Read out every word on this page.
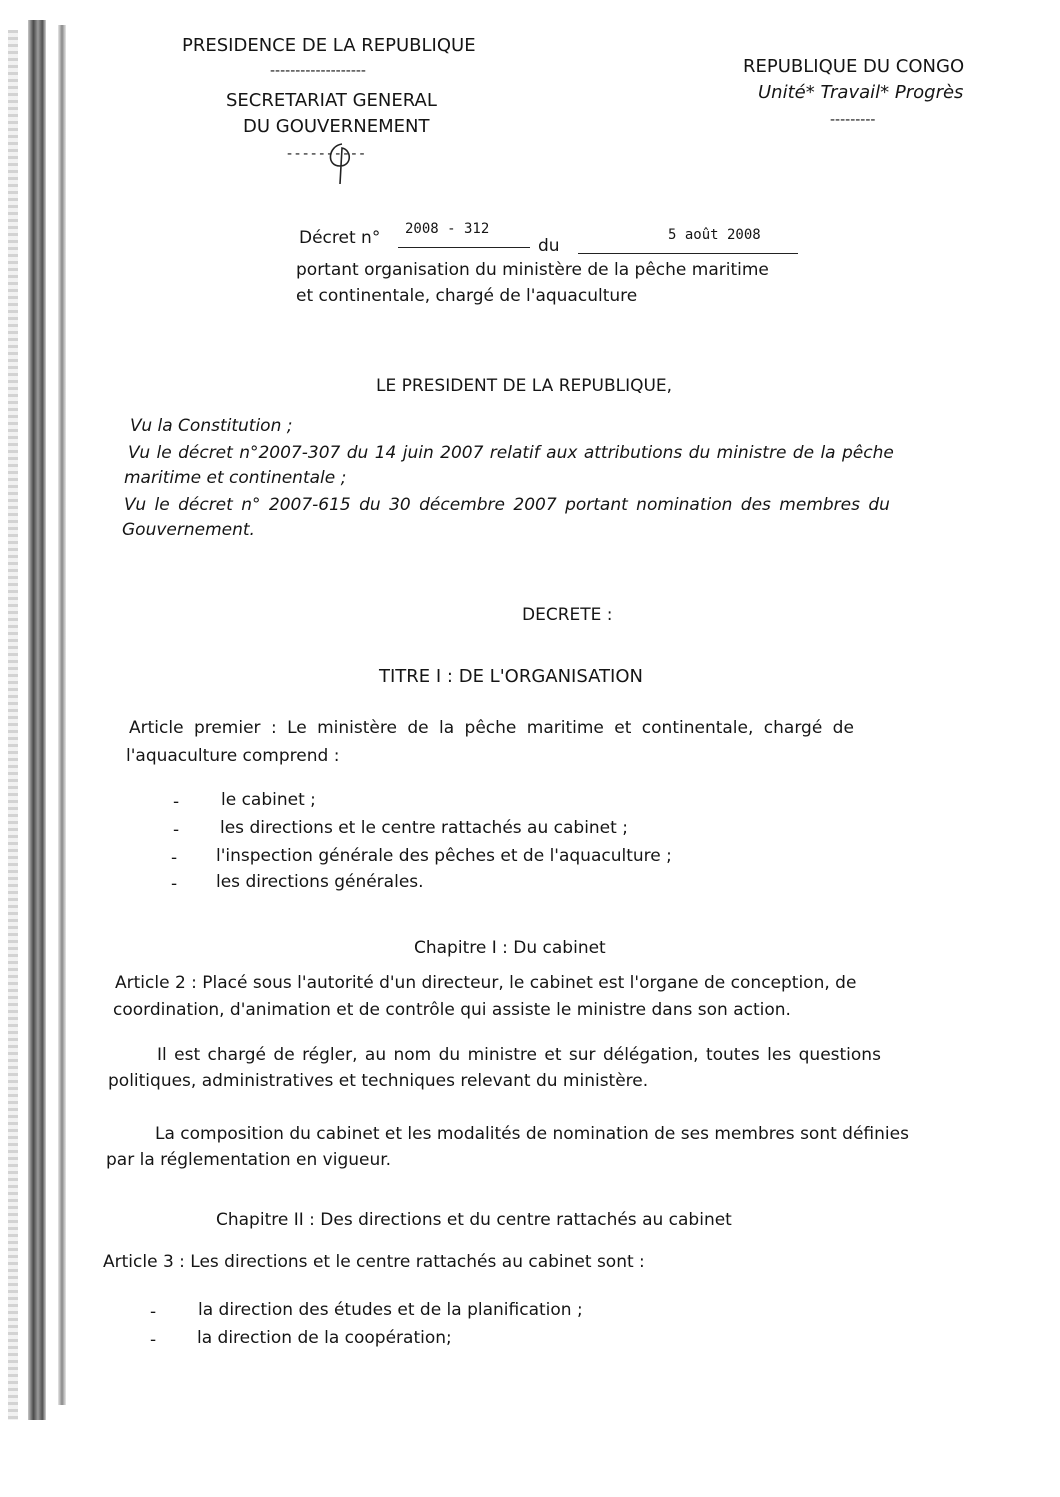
PRESIDENCE DE LA REPUBLIQUE
-------------------
SECRETARIAT GENERAL
DU GOUVERNEMENT
----------
REPUBLIQUE DU CONGO
Unité* Travail* Progrès
---------
Décret n° 2008 - 312
du
5 août 2008
portant organisation du ministère de la pêche maritime
et continentale, chargé de l'aquaculture
LE PRESIDENT DE LA REPUBLIQUE,
Vu la Constitution ;
Vu le décret n°2007-307 du 14 juin 2007 relatif aux attributions du ministre de la pêche
maritime et continentale ;
Vu le décret n° 2007-615 du 30 décembre 2007 portant nomination des membres du
Gouvernement.
DECRETE :
TITRE I : DE L'ORGANISATION
Article premier : Le ministère de la pêche maritime et continentale, chargé de
l'aquaculture comprend :
- le cabinet ;
- les directions et le centre rattachés au cabinet ;
- l'inspection générale des pêches et de l'aquaculture ;
- les directions générales.
Chapitre I : Du cabinet
Article 2 : Placé sous l'autorité d'un directeur, le cabinet est l'organe de conception, de
coordination, d'animation et de contrôle qui assiste le ministre dans son action.
Il est chargé de régler, au nom du ministre et sur délégation, toutes les questions
politiques, administratives et techniques relevant du ministère.
La composition du cabinet et les modalités de nomination de ses membres sont définies
par la réglementation en vigueur.
Chapitre II : Des directions et du centre rattachés au cabinet
Article 3 : Les directions et le centre rattachés au cabinet sont :
- la direction des études et de la planification ;
- la direction de la coopération;
